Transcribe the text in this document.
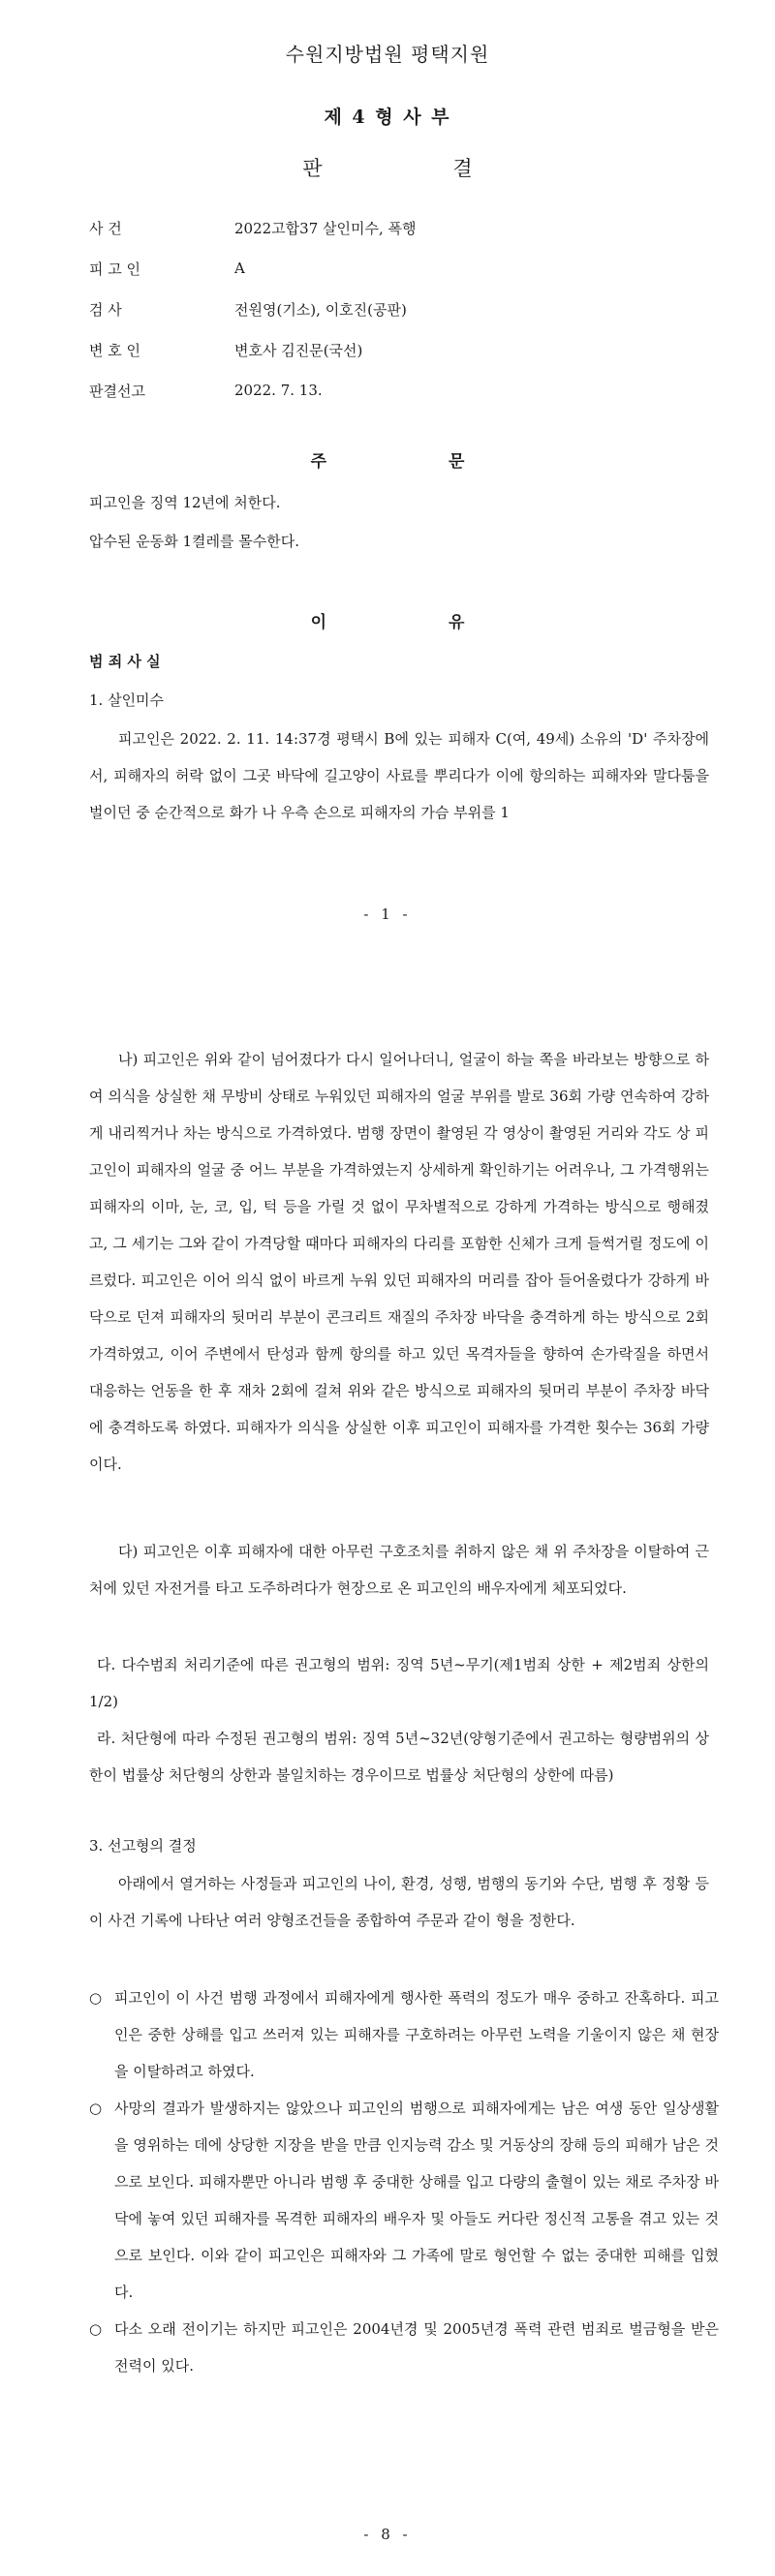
수원지방법원 평택지원
제 4 형 사 부
판 결
사 건	2022고합37 살인미수, 폭행
피 고 인	A
검 사	전원영(기소), 이호진(공판)
변 호 인	변호사 김진문(국선)
판결선고	2022. 7. 13.
주 문
피고인을 징역 12년에 처한다.
압수된 운동화 1켤레를 몰수한다.
이 유
범 죄 사 실
1. 살인미수
피고인은 2022. 2. 11. 14:37경 평택시 B에 있는 피해자 C(여, 49세) 소유의 'D' 주차장에서, 피해자의 허락 없이 그곳 바닥에 길고양이 사료를 뿌리다가 이에 항의하는 피해자와 말다툼을 벌이던 중 순간적으로 화가 나 우측 손으로 피해자의 가슴 부위를 1
- 1 -
나) 피고인은 위와 같이 넘어졌다가 다시 일어나더니, 얼굴이 하늘 쪽을 바라보는 방향으로 하여 의식을 상실한 채 무방비 상태로 누워있던 피해자의 얼굴 부위를 발로 36회 가량 연속하여 강하게 내리찍거나 차는 방식으로 가격하였다. 범행 장면이 촬영된 각 영상이 촬영된 거리와 각도 상 피고인이 피해자의 얼굴 중 어느 부분을 가격하였는지 상세하게 확인하기는 어려우나, 그 가격행위는 피해자의 이마, 눈, 코, 입, 턱 등을 가릴 것 없이 무차별적으로 강하게 가격하는 방식으로 행해졌고, 그 세기는 그와 같이 가격당할 때마다 피해자의 다리를 포함한 신체가 크게 들썩거릴 정도에 이르렀다. 피고인은 이어 의식 없이 바르게 누워 있던 피해자의 머리를 잡아 들어올렸다가 강하게 바닥으로 던져 피해자의 뒷머리 부분이 콘크리트 재질의 주차장 바닥을 충격하게 하는 방식으로 2회 가격하였고, 이어 주변에서 탄성과 함께 항의를 하고 있던 목격자들을 향하여 손가락질을 하면서 대응하는 언동을 한 후 재차 2회에 걸쳐 위와 같은 방식으로 피해자의 뒷머리 부분이 주차장 바닥에 충격하도록 하였다. 피해자가 의식을 상실한 이후 피고인이 피해자를 가격한 횟수는 36회 가량이다.
다) 피고인은 이후 피해자에 대한 아무런 구호조치를 취하지 않은 채 위 주차장을 이탈하여 근처에 있던 자전거를 타고 도주하려다가 현장으로 온 피고인의 배우자에게 체포되었다.
다. 다수범죄 처리기준에 따른 권고형의 범위: 징역 5년~무기(제1범죄 상한 + 제2범죄 상한의 1/2)
라. 처단형에 따라 수정된 권고형의 범위: 징역 5년~32년(양형기준에서 권고하는 형량범위의 상한이 법률상 처단형의 상한과 불일치하는 경우이므로 법률상 처단형의 상한에 따름)
3. 선고형의 결정
아래에서 열거하는 사정들과 피고인의 나이, 환경, 성행, 범행의 동기와 수단, 범행 후 정황 등 이 사건 기록에 나타난 여러 양형조건들을 종합하여 주문과 같이 형을 정한다.
○ 피고인이 이 사건 범행 과정에서 피해자에게 행사한 폭력의 정도가 매우 중하고 잔혹하다. 피고인은 중한 상해를 입고 쓰러져 있는 피해자를 구호하려는 아무런 노력을 기울이지 않은 채 현장을 이탈하려고 하였다.
○ 사망의 결과가 발생하지는 않았으나 피고인의 범행으로 피해자에게는 남은 여생 동안 일상생활을 영위하는 데에 상당한 지장을 받을 만큼 인지능력 감소 및 거동상의 장해 등의 피해가 남은 것으로 보인다. 피해자뿐만 아니라 범행 후 중대한 상해를 입고 다량의 출혈이 있는 채로 주차장 바닥에 놓여 있던 피해자를 목격한 피해자의 배우자 및 아들도 커다란 정신적 고통을 겪고 있는 것으로 보인다. 이와 같이 피고인은 피해자와 그 가족에 말로 형언할 수 없는 중대한 피해를 입혔다.
○ 다소 오래 전이기는 하지만 피고인은 2004년경 및 2005년경 폭력 관련 범죄로 벌금형을 받은 전력이 있다.
- 8 -
